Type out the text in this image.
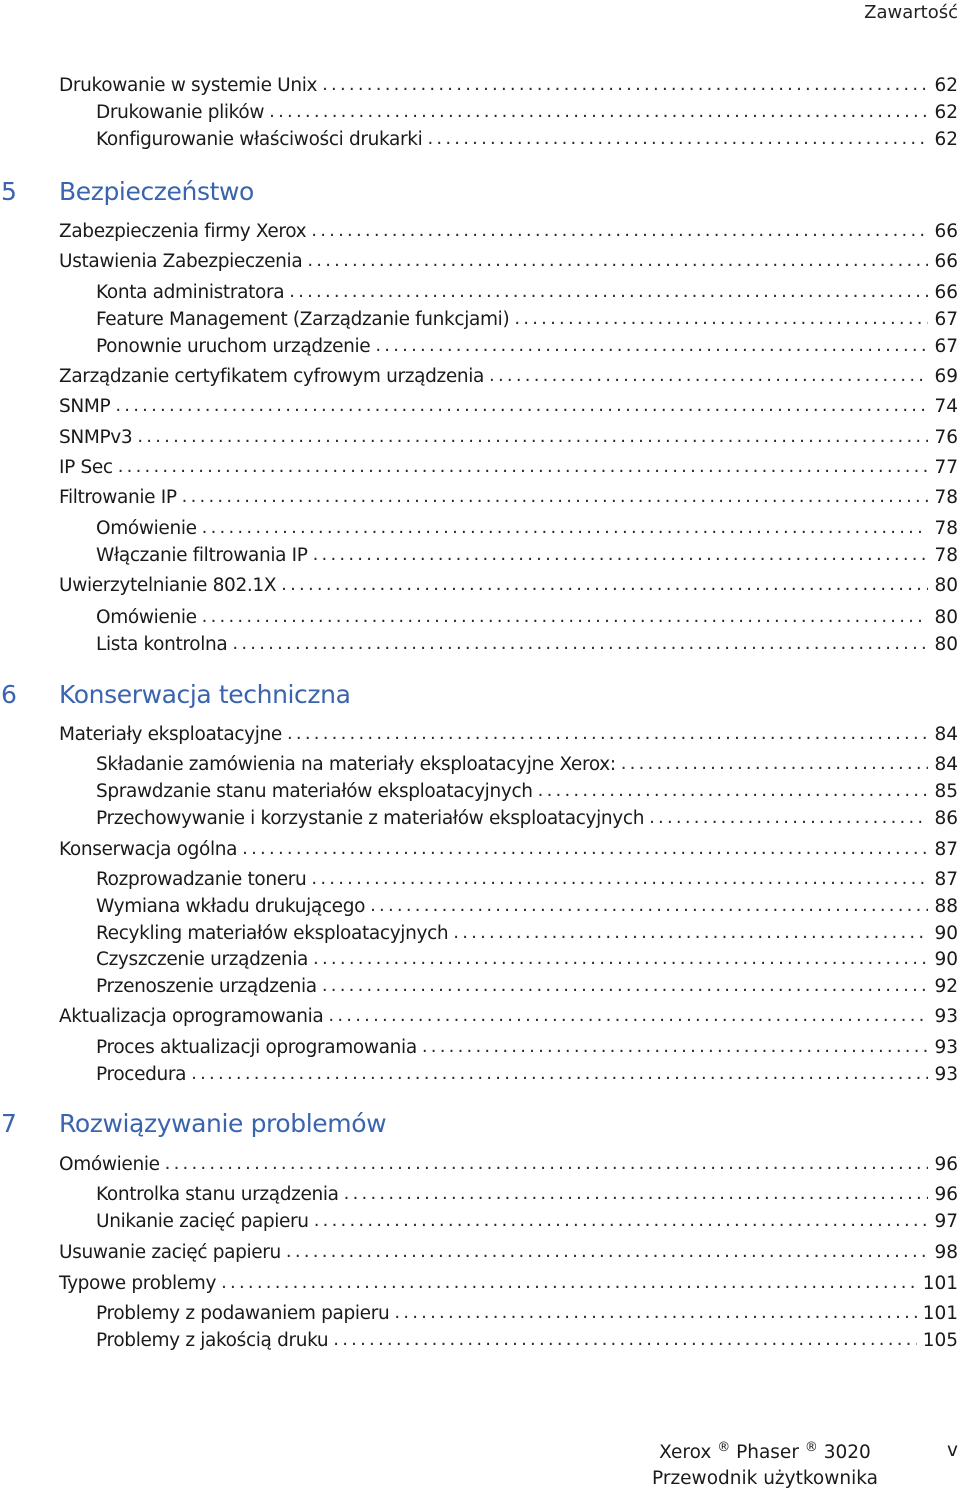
Zawartość
Drukowanie w systemie Unix . . .	62
Drukowanie plików . . .	62
Konfigurowanie właściwości drukarki . . .	62
5	Bezpieczeństwo
Zabezpieczenia firmy Xerox . . .	66
Ustawienia Zabezpieczenia . . .	66
Konta administratora . . .	66
Feature Management (Zarządzanie funkcjami) . . .	67
Ponownie uruchom urządzenie . . .	67
Zarządzanie certyfikatem cyfrowym urządzenia . . .	69
SNMP . . .	74
SNMPv3 . . .	76
IP Sec . . .	77
Filtrowanie IP . . .	78
Omówienie . . .	78
Włączanie filtrowania IP . . .	78
Uwierzytelnianie 802.1X . . .	80
Omówienie . . .	80
Lista kontrolna . . .	80
6	Konserwacja techniczna
Materiały eksploatacyjne . . .	84
Składanie zamówienia na materiały eksploatacyjne Xerox: . . .	84
Sprawdzanie stanu materiałów eksploatacyjnych . . .	85
Przechowywanie i korzystanie z materiałów eksploatacyjnych . . .	86
Konserwacja ogólna . . .	87
Rozprowadzanie toneru . . .	87
Wymiana wkładu drukującego . . .	88
Recykling materiałów eksploatacyjnych . . .	90
Czyszczenie urządzenia . . .	90
Przenoszenie urządzenia . . .	92
Aktualizacja oprogramowania . . .	93
Proces aktualizacji oprogramowania . . .	93
Procedura . . .	93
7	Rozwiązywanie problemów
Omówienie . . .	96
Kontrolka stanu urządzenia . . .	96
Unikanie zacięć papieru . . .	97
Usuwanie zacięć papieru . . .	98
Typowe problemy . . .	101
Problemy z podawaniem papieru . . .	101
Problemy z jakością druku . . .	105
Xerox ® Phaser ® 3020
Przewodnik użytkownika
v
